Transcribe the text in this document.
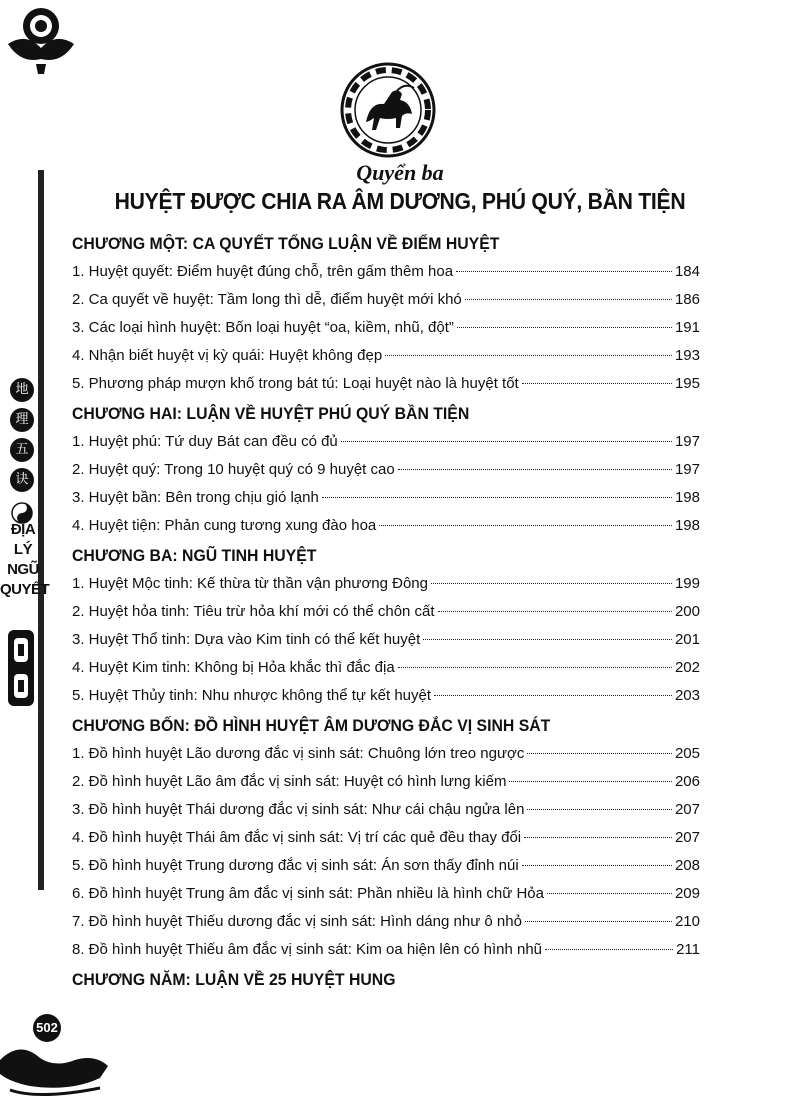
地
理
五
诀
ĐỊA
LÝ
NGŨ
QUYẾT
502
Quyển ba
HUYỆT ĐƯỢC CHIA RA ÂM DƯƠNG, PHÚ QUÝ, BẦN TIỆN
CHƯƠNG MỘT: CA QUYẾT TỔNG LUẬN VỀ ĐIỂM HUYỆT
1. Huyệt quyết: Điểm huyệt đúng chỗ, trên gấm thêm hoa	184
2. Ca quyết về huyệt: Tầm long thì dễ, điểm huyệt mới khó	186
3. Các loại hình huyệt: Bốn loại huyệt “oa, kiềm, nhũ, đột”	191
4. Nhận biết huyệt vị kỳ quái: Huyệt không đẹp	193
5. Phương pháp mượn khố trong bát tú: Loại huyệt nào là huyệt tốt	195
CHƯƠNG HAI: LUẬN VỀ HUYỆT PHÚ QUÝ BẦN TIỆN
1. Huyệt phú: Tứ duy Bát can đều có đủ	197
2. Huyệt quý: Trong 10 huyệt quý có 9 huyệt cao	197
3. Huyệt bần: Bên trong chịu gió lạnh	198
4. Huyệt tiện: Phản cung tương xung đào hoa	198
CHƯƠNG BA: NGŨ TINH HUYỆT
1. Huyệt Mộc tinh: Kế thừa từ thần vận phương Đông	199
2. Huyệt hỏa tinh: Tiêu trừ hỏa khí mới có thể chôn cất	200
3. Huyệt Thổ tinh: Dựa vào Kim tinh có thể kết huyệt	201
4. Huyệt Kim tinh: Không bị Hỏa khắc thì đắc địa	202
5. Huyệt Thủy tinh: Nhu nhược không thể tự kết huyệt	203
CHƯƠNG BỐN: ĐỒ HÌNH HUYỆT ÂM DƯƠNG ĐẮC VỊ SINH SÁT
1. Đồ hình huyệt Lão dương đắc vị sinh sát: Chuông lớn treo ngược	205
2. Đồ hình huyệt Lão âm đắc vị sinh sát: Huyệt có hình lưng kiếm	206
3. Đồ hình huyệt Thái dương đắc vị sinh sát: Như cái chậu ngửa lên	207
4. Đồ hình huyệt Thái âm đắc vị sinh sát: Vị trí các quẻ đều thay đổi	207
5. Đồ hình huyệt Trung dương đắc vị sinh sát: Án sơn thấy đỉnh núi	208
6. Đồ hình huyệt Trung âm đắc vị sinh sát: Phần nhiều là hình chữ Hỏa	209
7. Đồ hình huyệt Thiếu dương đắc vị sinh sát: Hình dáng như ô nhỏ	210
8. Đồ hình huyệt Thiếu âm đắc vị sinh sát: Kim oa hiện lên có hình nhũ	211
CHƯƠNG NĂM: LUẬN VỀ 25 HUYỆT HUNG
